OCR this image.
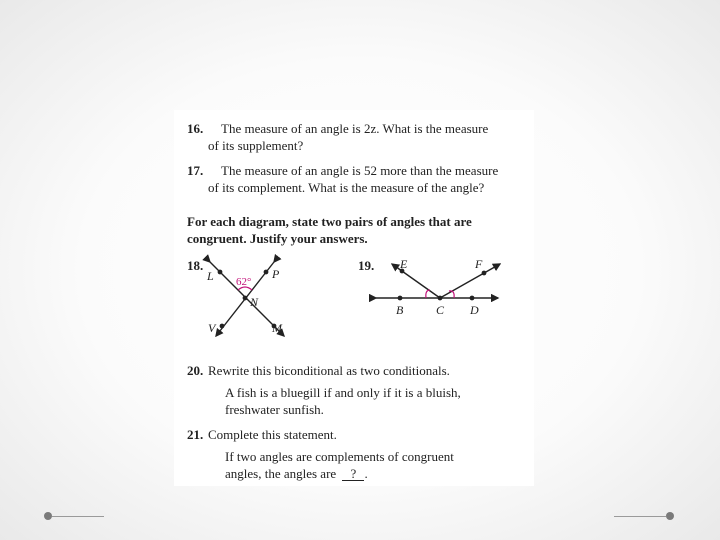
16. The measure of an angle is 2z. What is the measure
of its supplement?
17. The measure of an angle is 52 more than the measure
of its complement. What is the measure of the angle?
For each diagram, state two pairs of angles that are
congruent. Justify your answers.
18.
L	P
62°
N
V	M
19. E	F
B	C D
20. Rewrite this biconditional as two conditionals.
A fish is a bluegill if and only if it is a bluish,
freshwater sunfish.
21. Complete this statement.
If two angles are complements of congruent
angles, the angles are ? .
